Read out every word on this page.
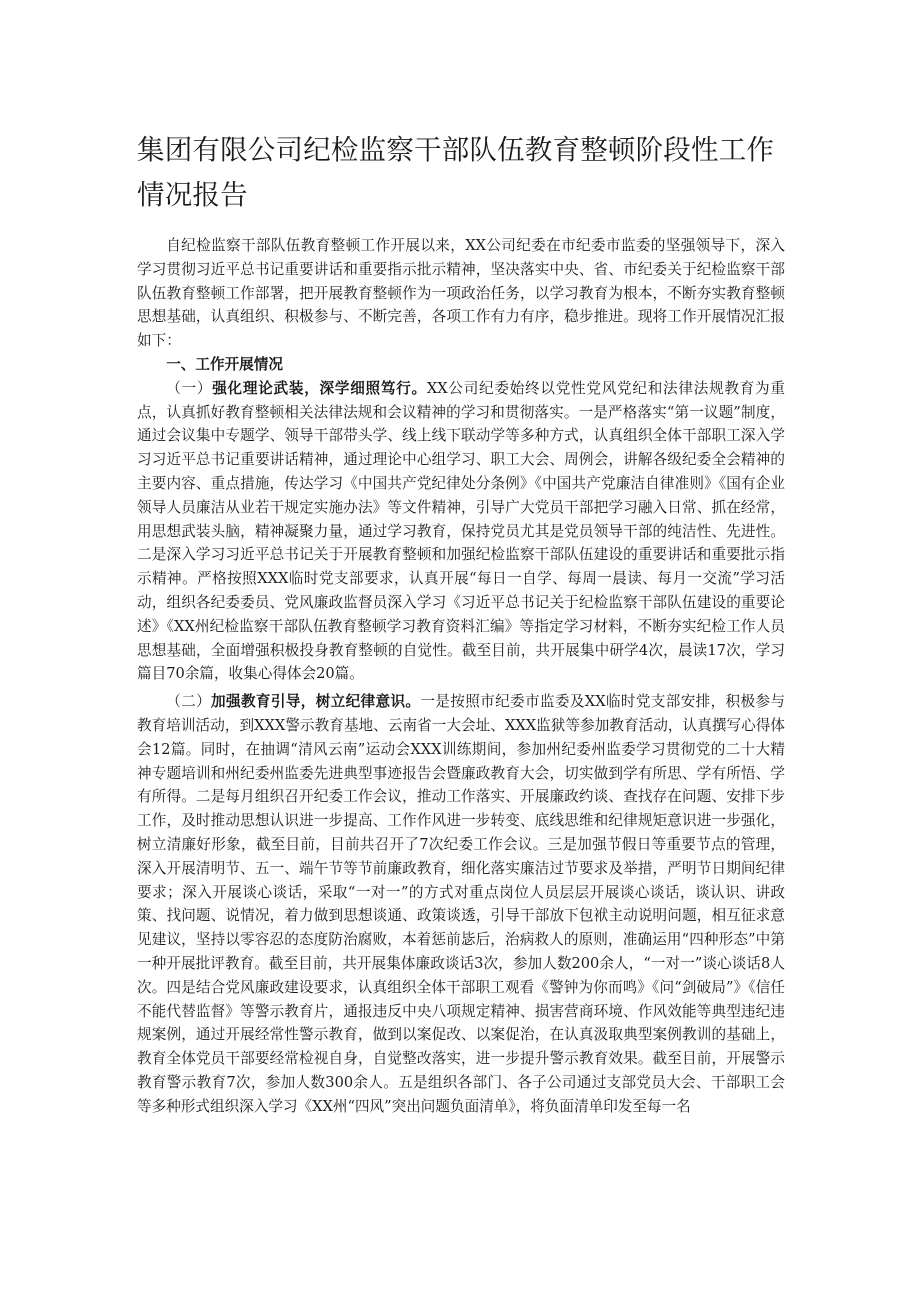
集团有限公司纪检监察干部队伍教育整顿阶段性工作情况报告

自纪检监察干部队伍教育整顿工作开展以来，XX公司纪委在市纪委市监委的坚强领导下，深入学习贯彻习近平总书记重要讲话和重要指示批示精神，坚决落实中央、省、市纪委关于纪检监察干部队伍教育整顿工作部署，把开展教育整顿作为一项政治任务，以学习教育为根本，不断夯实教育整顿思想基础，认真组织、积极参与、不断完善，各项工作有力有序，稳步推进。现将工作开展情况汇报如下：

一、工作开展情况

（一）强化理论武装，深学细照笃行。XX公司纪委始终以党性党风党纪和法律法规教育为重点，认真抓好教育整顿相关法律法规和会议精神的学习和贯彻落实。一是严格落实“第一议题”制度，通过会议集中专题学、领导干部带头学、线上线下联动学等多种方式，认真组织全体干部职工深入学习习近平总书记重要讲话精神，通过理论中心组学习、职工大会、周例会，讲解各级纪委全会精神的主要内容、重点措施，传达学习《中国共产党纪律处分条例》《中国共产党廉洁自律准则》《国有企业领导人员廉洁从业若干规定实施办法》等文件精神，引导广大党员干部把学习融入日常、抓在经常，用思想武装头脑，精神凝聚力量，通过学习教育，保持党员尤其是党员领导干部的纯洁性、先进性。二是深入学习习近平总书记关于开展教育整顿和加强纪检监察干部队伍建设的重要讲话和重要批示指示精神。严格按照XXX临时党支部要求，认真开展“每日一自学、每周一晨读、每月一交流”学习活动，组织各纪委委员、党风廉政监督员深入学习《习近平总书记关于纪检监察干部队伍建设的重要论述》《XX州纪检监察干部队伍教育整顿学习教育资料汇编》等指定学习材料，不断夯实纪检工作人员思想基础，全面增强积极投身教育整顿的自觉性。截至目前，共开展集中研学4次，晨读17次，学习篇目70余篇，收集心得体会20篇。

（二）加强教育引导，树立纪律意识。一是按照市纪委市监委及XX临时党支部安排，积极参与教育培训活动，到XXX警示教育基地、云南省一大会址、XXX监狱等参加教育活动，认真撰写心得体会12篇。同时，在抽调“清风云南”运动会XXX训练期间，参加州纪委州监委学习贯彻党的二十大精神专题培训和州纪委州监委先进典型事迹报告会暨廉政教育大会，切实做到学有所思、学有所悟、学有所得。二是每月组织召开纪委工作会议，推动工作落实、开展廉政约谈、查找存在问题、安排下步工作，及时推动思想认识进一步提高、工作作风进一步转变、底线思维和纪律规矩意识进一步强化，树立清廉好形象，截至目前，目前共召开了7次纪委工作会议。三是加强节假日等重要节点的管理，深入开展清明节、五一、端午节等节前廉政教育，细化落实廉洁过节要求及举措，严明节日期间纪律要求；深入开展谈心谈话，采取“一对一”的方式对重点岗位人员层层开展谈心谈话，谈认识、讲政策、找问题、说情况，着力做到思想谈通、政策谈透，引导干部放下包袱主动说明问题，相互征求意见建议，坚持以零容忍的态度防治腐败，本着惩前毖后，治病救人的原则，准确运用“四种形态”中第一种开展批评教育。截至目前，共开展集体廉政谈话3次，参加人数200余人，“一对一”谈心谈话8人次。四是结合党风廉政建设要求，认真组织全体干部职工观看《警钟为你而鸣》《问“剑破局”》《信任不能代替监督》等警示教育片，通报违反中央八项规定精神、损害营商环境、作风效能等典型违纪违规案例，通过开展经常性警示教育，做到以案促改、以案促治，在认真汲取典型案例教训的基础上，教育全体党员干部要经常检视自身，自觉整改落实，进一步提升警示教育效果。截至目前，开展警示教育警示教育7次，参加人数300余人。五是组织各部门、各子公司通过支部党员大会、干部职工会等多种形式组织深入学习《XX州“四风”突出问题负面清单》，将负面清单印发至每一名
